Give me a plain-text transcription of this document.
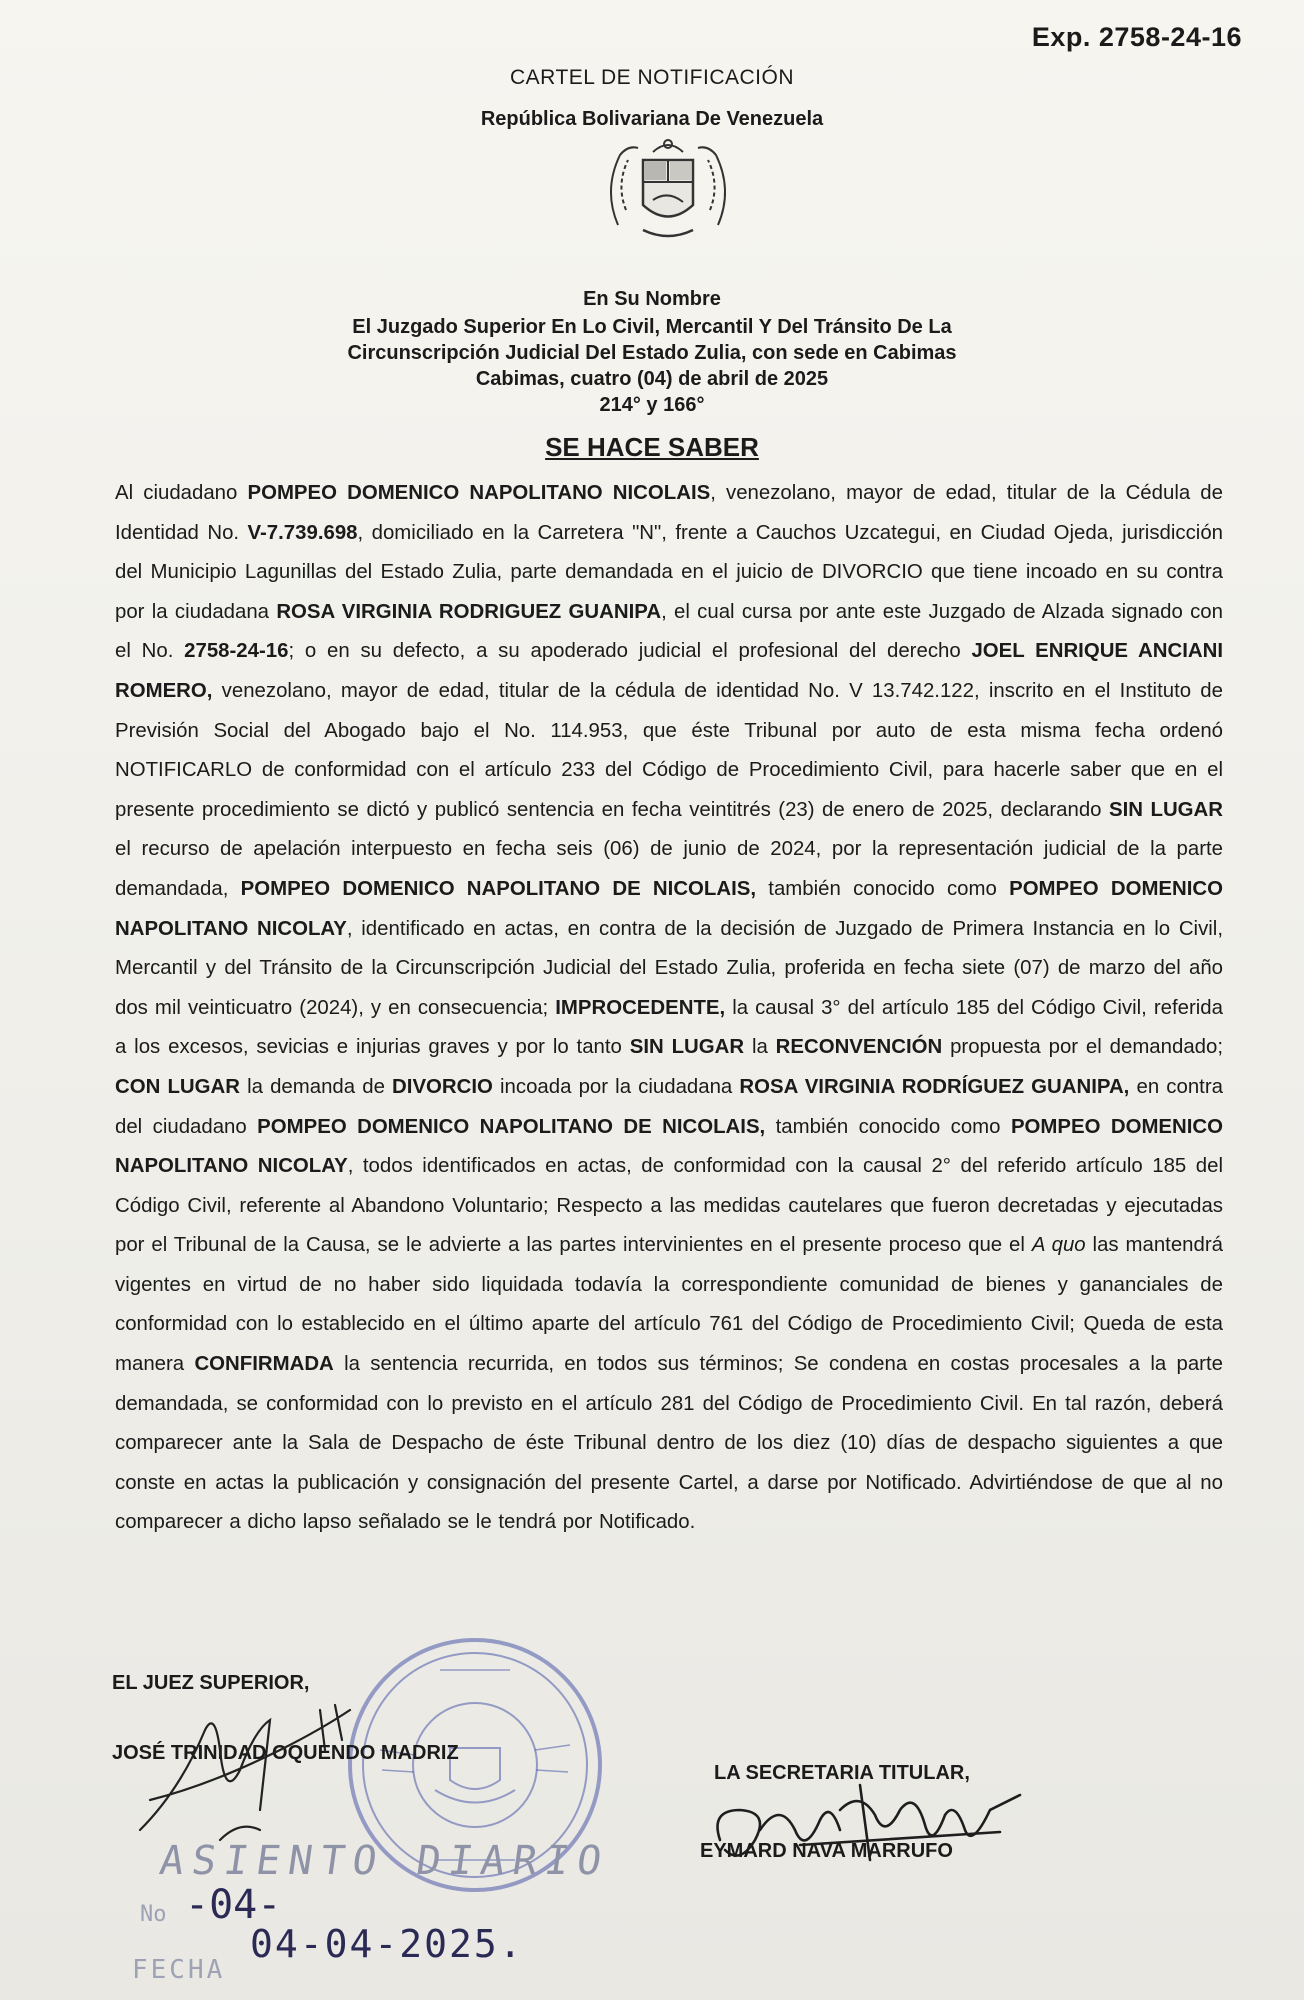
Exp. 2758-24-16
CARTEL DE NOTIFICACIÓN
República Bolivariana De Venezuela
En Su Nombre
El Juzgado Superior En Lo Civil, Mercantil Y Del Tránsito De La
Circunscripción Judicial Del Estado Zulia, con sede en Cabimas
Cabimas, cuatro (04) de abril de 2025
214° y 166°
SE HACE SABER
Al ciudadano POMPEO DOMENICO NAPOLITANO NICOLAIS, venezolano, mayor de edad, titular de la Cédula de Identidad No. V-7.739.698, domiciliado en la Carretera "N", frente a Cauchos Uzcategui, en Ciudad Ojeda, jurisdicción del Municipio Lagunillas del Estado Zulia, parte demandada en el juicio de DIVORCIO que tiene incoado en su contra por la ciudadana ROSA VIRGINIA RODRIGUEZ GUANIPA, el cual cursa por ante este Juzgado de Alzada signado con el No. 2758-24-16; o en su defecto, a su apoderado judicial el profesional del derecho JOEL ENRIQUE ANCIANI ROMERO, venezolano, mayor de edad, titular de la cédula de identidad No. V 13.742.122, inscrito en el Instituto de Previsión Social del Abogado bajo el No. 114.953, que éste Tribunal por auto de esta misma fecha ordenó NOTIFICARLO de conformidad con el artículo 233 del Código de Procedimiento Civil, para hacerle saber que en el presente procedimiento se dictó y publicó sentencia en fecha veintitrés (23) de enero de 2025, declarando SIN LUGAR el recurso de apelación interpuesto en fecha seis (06) de junio de 2024, por la representación judicial de la parte demandada, POMPEO DOMENICO NAPOLITANO DE NICOLAIS, también conocido como POMPEO DOMENICO NAPOLITANO NICOLAY, identificado en actas, en contra de la decisión de Juzgado de Primera Instancia en lo Civil, Mercantil y del Tránsito de la Circunscripción Judicial del Estado Zulia, proferida en fecha siete (07) de marzo del año dos mil veinticuatro (2024), y en consecuencia; IMPROCEDENTE, la causal 3° del artículo 185 del Código Civil, referida a los excesos, sevicias e injurias graves y por lo tanto SIN LUGAR la RECONVENCIÓN propuesta por el demandado; CON LUGAR la demanda de DIVORCIO incoada por la ciudadana ROSA VIRGINIA RODRÍGUEZ GUANIPA, en contra del ciudadano POMPEO DOMENICO NAPOLITANO DE NICOLAIS, también conocido como POMPEO DOMENICO NAPOLITANO NICOLAY, todos identificados en actas, de conformidad con la causal 2° del referido artículo 185 del Código Civil, referente al Abandono Voluntario; Respecto a las medidas cautelares que fueron decretadas y ejecutadas por el Tribunal de la Causa, se le advierte a las partes intervinientes en el presente proceso que el A quo las mantendrá vigentes en virtud de no haber sido liquidada todavía la correspondiente comunidad de bienes y gananciales de conformidad con lo establecido en el último aparte del artículo 761 del Código de Procedimiento Civil; Queda de esta manera CONFIRMADA la sentencia recurrida, en todos sus términos; Se condena en costas procesales a la parte demandada, se conformidad con lo previsto en el artículo 281 del Código de Procedimiento Civil. En tal razón, deberá comparecer ante la Sala de Despacho de éste Tribunal dentro de los diez (10) días de despacho siguientes a que conste en actas la publicación y consignación del presente Cartel, a darse por Notificado. Advirtiéndose de que al no comparecer a dicho lapso señalado se le tendrá por Notificado.
EL JUEZ SUPERIOR,
JOSÉ TRINIDAD OQUENDO MADRIZ
LA SECRETARIA TITULAR,
EYMARD NAVA MARRUFO
ASIENTO DIARIO
No -04-
FECHA
04-04-2025.
